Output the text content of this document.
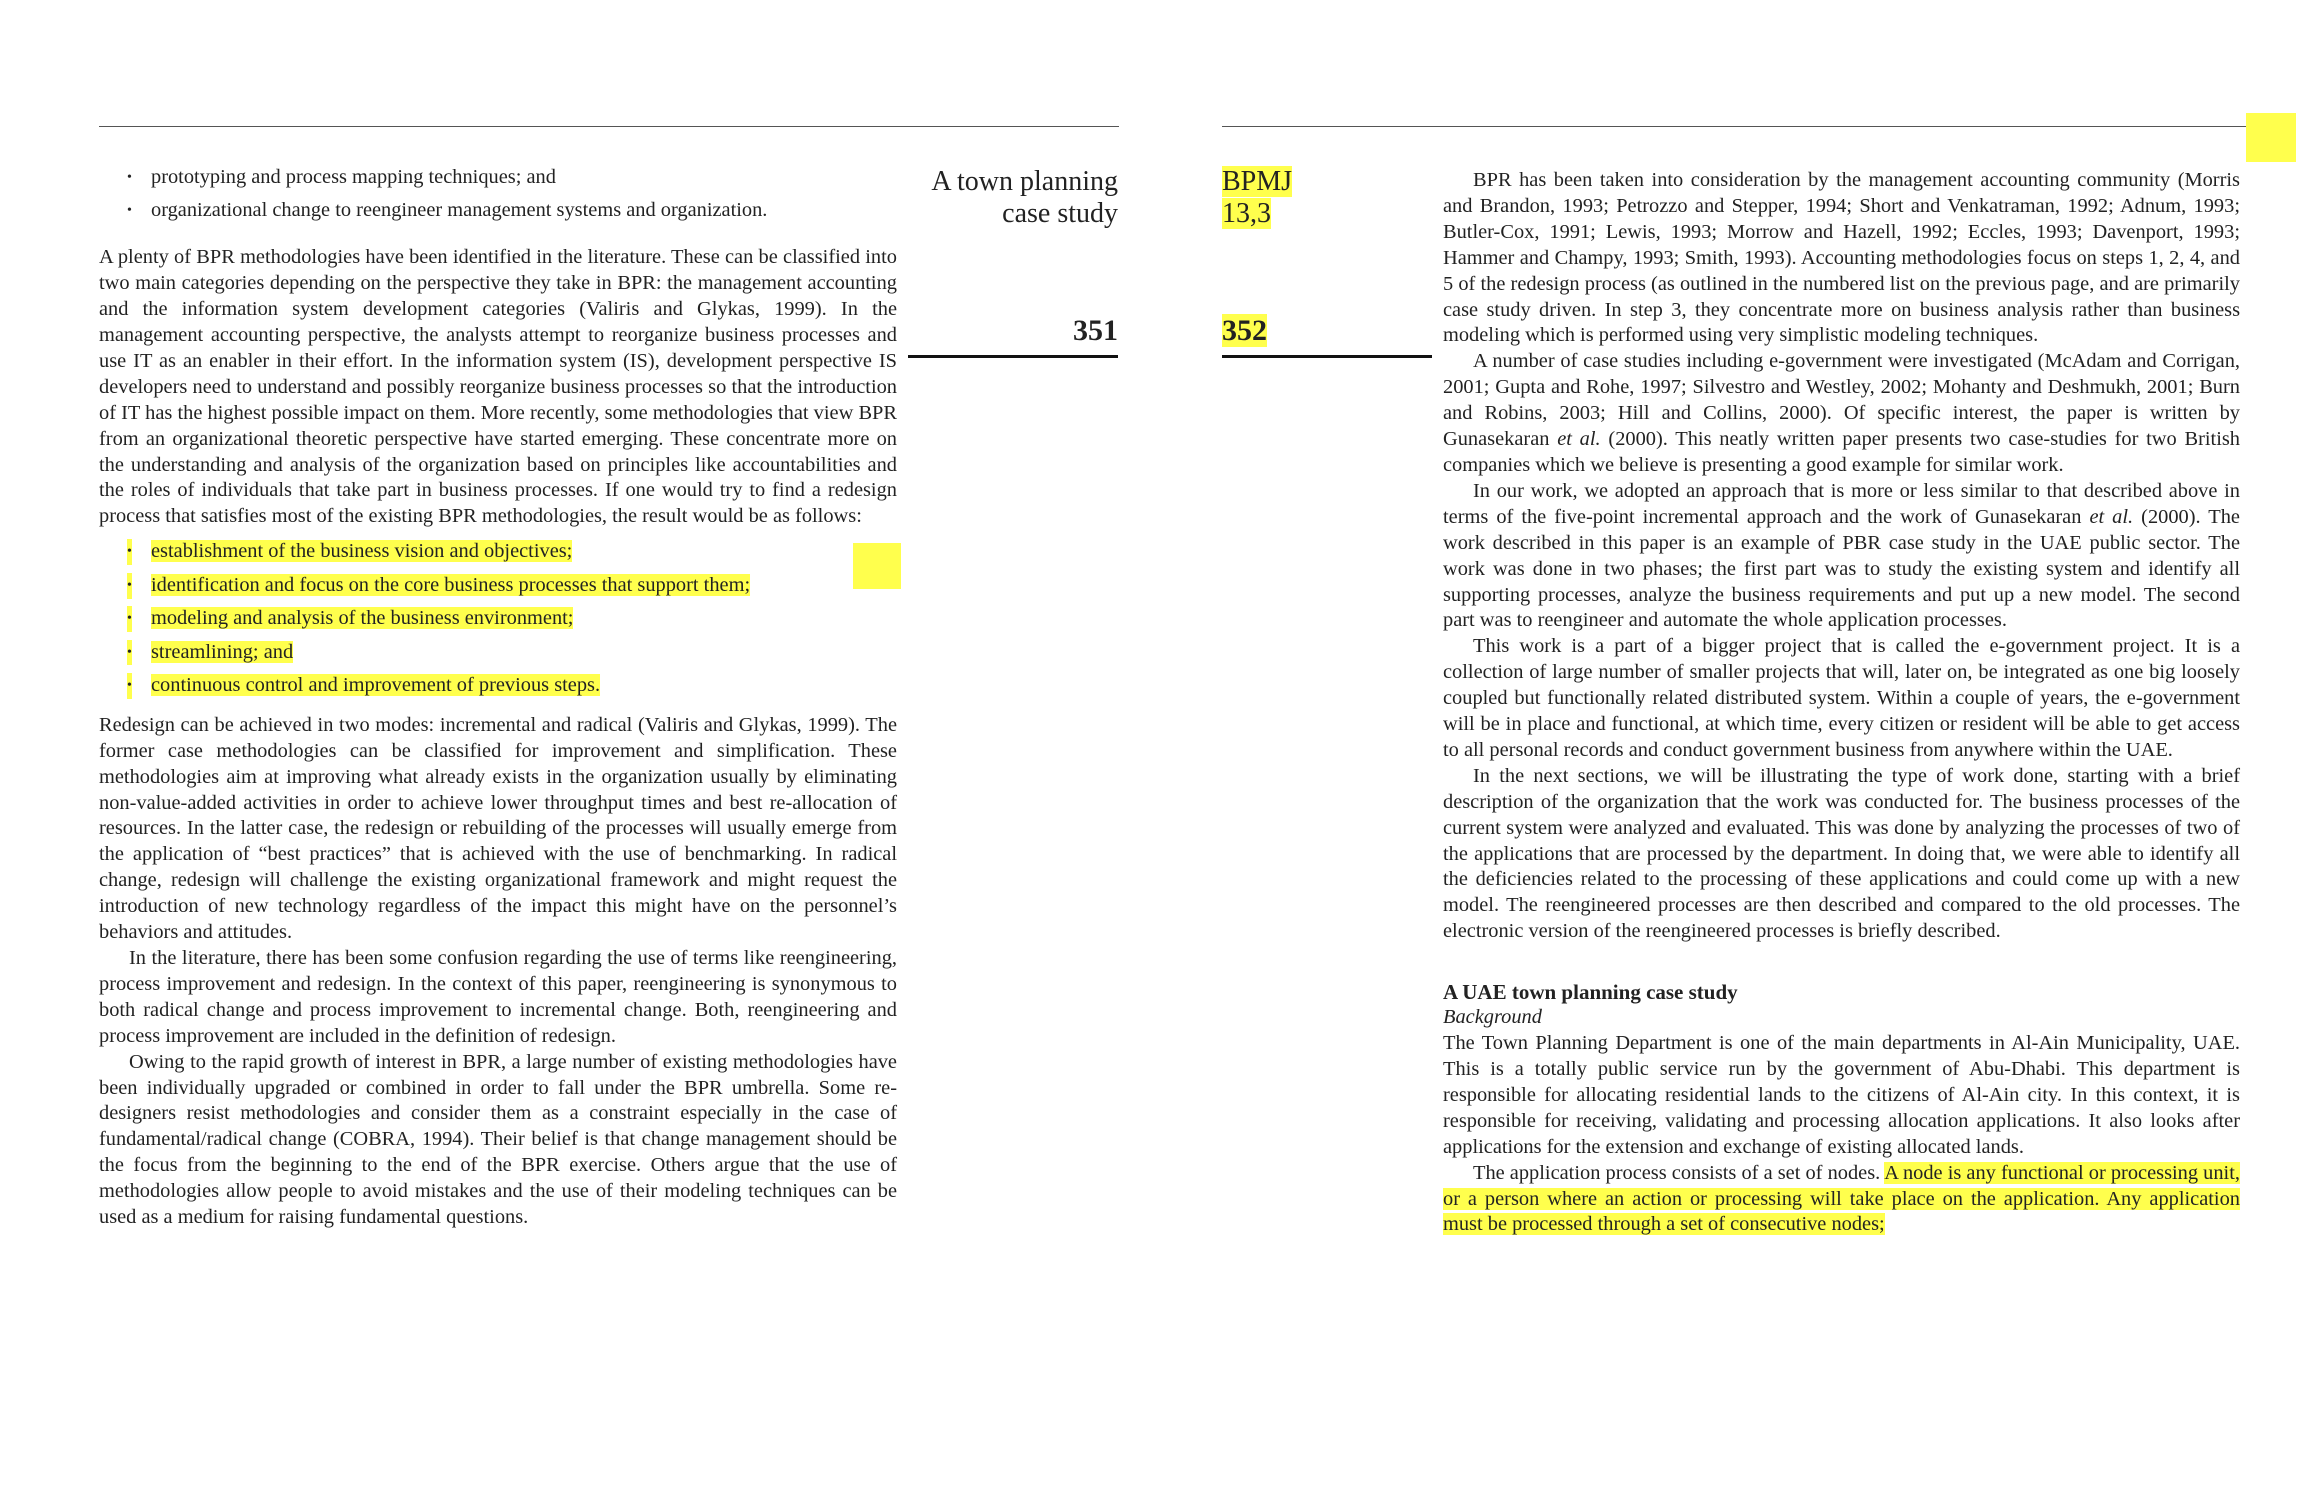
• prototyping and process mapping techniques; and
• organizational change to reengineer management systems and organization.

A plenty of BPR methodologies have been identified in the literature. These can be classified into two main categories depending on the perspective they take in BPR: the management accounting and the information system development categories (Valiris and Glykas, 1999). In the management accounting perspective, the analysts attempt to reorganize business processes and use IT as an enabler in their effort. In the information system (IS), development perspective IS developers need to understand and possibly reorganize business processes so that the introduction of IT has the highest possible impact on them. More recently, some methodologies that view BPR from an organizational theoretic perspective have started emerging. These concentrate more on the understanding and analysis of the organization based on principles like accountabilities and the roles of individuals that take part in business processes. If one would try to find a redesign process that satisfies most of the existing BPR methodologies, the result would be as follows:

• establishment of the business vision and objectives;
• identification and focus on the core business processes that support them;
• modeling and analysis of the business environment;
• streamlining; and
• continuous control and improvement of previous steps.

Redesign can be achieved in two modes: incremental and radical (Valiris and Glykas, 1999). The former case methodologies can be classified for improvement and simplification. These methodologies aim at improving what already exists in the organization usually by eliminating non-value-added activities in order to achieve lower throughput times and best re-allocation of resources. In the latter case, the redesign or rebuilding of the processes will usually emerge from the application of “best practices” that is achieved with the use of benchmarking. In radical change, redesign will challenge the existing organizational framework and might request the introduction of new technology regardless of the impact this might have on the personnel’s behaviors and attitudes.

In the literature, there has been some confusion regarding the use of terms like reengineering, process improvement and redesign. In the context of this paper, reengineering is synonymous to both radical change and process improvement to incremental change. Both, reengineering and process improvement are included in the definition of redesign.

Owing to the rapid growth of interest in BPR, a large number of existing methodologies have been individually upgraded or combined in order to fall under the BPR umbrella. Some re-designers resist methodologies and consider them as a constraint especially in the case of fundamental/radical change (COBRA, 1994). Their belief is that change management should be the focus from the beginning to the end of the BPR exercise. Others argue that the use of methodologies allow people to avoid mistakes and the use of their modeling techniques can be used as a medium for raising fundamental questions.

A town planning
case study
351
BPMJ
13,3
352

BPR has been taken into consideration by the management accounting community (Morris and Brandon, 1993; Petrozzo and Stepper, 1994; Short and Venkatraman, 1992; Adnum, 1993; Butler-Cox, 1991; Lewis, 1993; Morrow and Hazell, 1992; Eccles, 1993; Davenport, 1993; Hammer and Champy, 1993; Smith, 1993). Accounting methodologies focus on steps 1, 2, 4, and 5 of the redesign process (as outlined in the numbered list on the previous page, and are primarily case study driven. In step 3, they concentrate more on business analysis rather than business modeling which is performed using very simplistic modeling techniques.

A number of case studies including e-government were investigated (McAdam and Corrigan, 2001; Gupta and Rohe, 1997; Silvestro and Westley, 2002; Mohanty and Deshmukh, 2001; Burn and Robins, 2003; Hill and Collins, 2000). Of specific interest, the paper is written by Gunasekaran et al. (2000). This neatly written paper presents two case-studies for two British companies which we believe is presenting a good example for similar work.

In our work, we adopted an approach that is more or less similar to that described above in terms of the five-point incremental approach and the work of Gunasekaran et al. (2000). The work described in this paper is an example of PBR case study in the UAE public sector. The work was done in two phases; the first part was to study the existing system and identify all supporting processes, analyze the business requirements and put up a new model. The second part was to reengineer and automate the whole application processes.

This work is a part of a bigger project that is called the e-government project. It is a collection of large number of smaller projects that will, later on, be integrated as one big loosely coupled but functionally related distributed system. Within a couple of years, the e-government will be in place and functional, at which time, every citizen or resident will be able to get access to all personal records and conduct government business from anywhere within the UAE.

In the next sections, we will be illustrating the type of work done, starting with a brief description of the organization that the work was conducted for. The business processes of the current system were analyzed and evaluated. This was done by analyzing the processes of two of the applications that are processed by the department. In doing that, we were able to identify all the deficiencies related to the processing of these applications and could come up with a new model. The reengineered processes are then described and compared to the old processes. The electronic version of the reengineered processes is briefly described.

A UAE town planning case study
Background

The Town Planning Department is one of the main departments in Al-Ain Municipality, UAE. This is a totally public service run by the government of Abu-Dhabi. This department is responsible for allocating residential lands to the citizens of Al-Ain city. In this context, it is responsible for receiving, validating and processing allocation applications. It also looks after applications for the extension and exchange of existing allocated lands.

The application process consists of a set of nodes. A node is any functional or processing unit, or a person where an action or processing will take place on the application. Any application must be processed through a set of consecutive nodes;
